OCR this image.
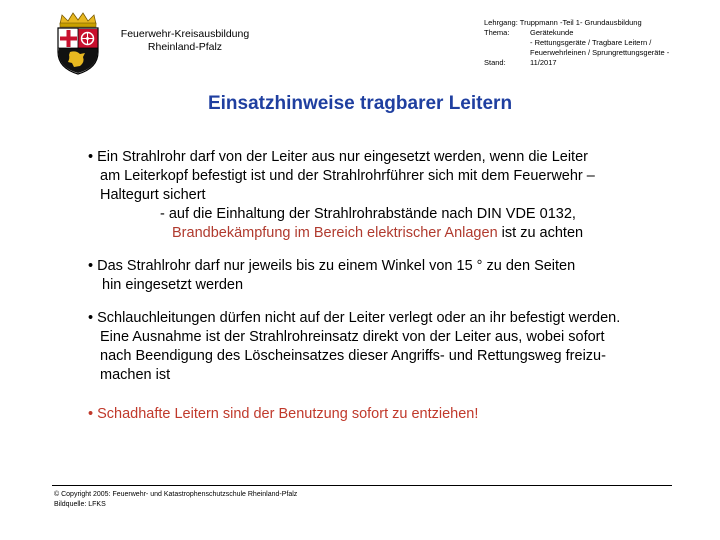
Feuerwehr-Kreisausbildung
Rheinland-Pfalz
Lehrgang: Truppmann -Teil 1- Grundausbildung
Thema:	Gerätekunde
- Rettungsgeräte / Tragbare Leitern /
Feuerwehrleinen / Sprungrettungsgeräte -
Stand:	11/2017
Einsatzhinweise tragbarer Leitern
• Ein Strahlrohr darf von der Leiter aus nur eingesetzt werden, wenn die Leiter
am Leiterkopf befestigt ist und der Strahlrohrführer sich mit dem Feuerwehr –
Haltegurt sichert
- auf die Einhaltung der Strahlrohrabstände nach DIN VDE 0132,
Brandbekämpfung im Bereich elektrischer Anlagen ist zu achten
• Das Strahlrohr darf nur jeweils bis zu einem Winkel von 15 ° zu den Seiten
hin eingesetzt werden
• Schlauchleitungen dürfen nicht auf der Leiter verlegt oder an ihr befestigt werden.
Eine Ausnahme ist der Strahlrohreinsatz direkt von der Leiter aus, wobei sofort
nach Beendigung des Löscheinsatzes dieser Angriffs- und Rettungsweg freizu-
machen ist
• Schadhafte Leitern sind der Benutzung sofort zu entziehen!
© Copyright 2005: Feuerwehr- und Katastrophenschutzschule Rheinland-Pfalz
Bildquelle: LFKS
